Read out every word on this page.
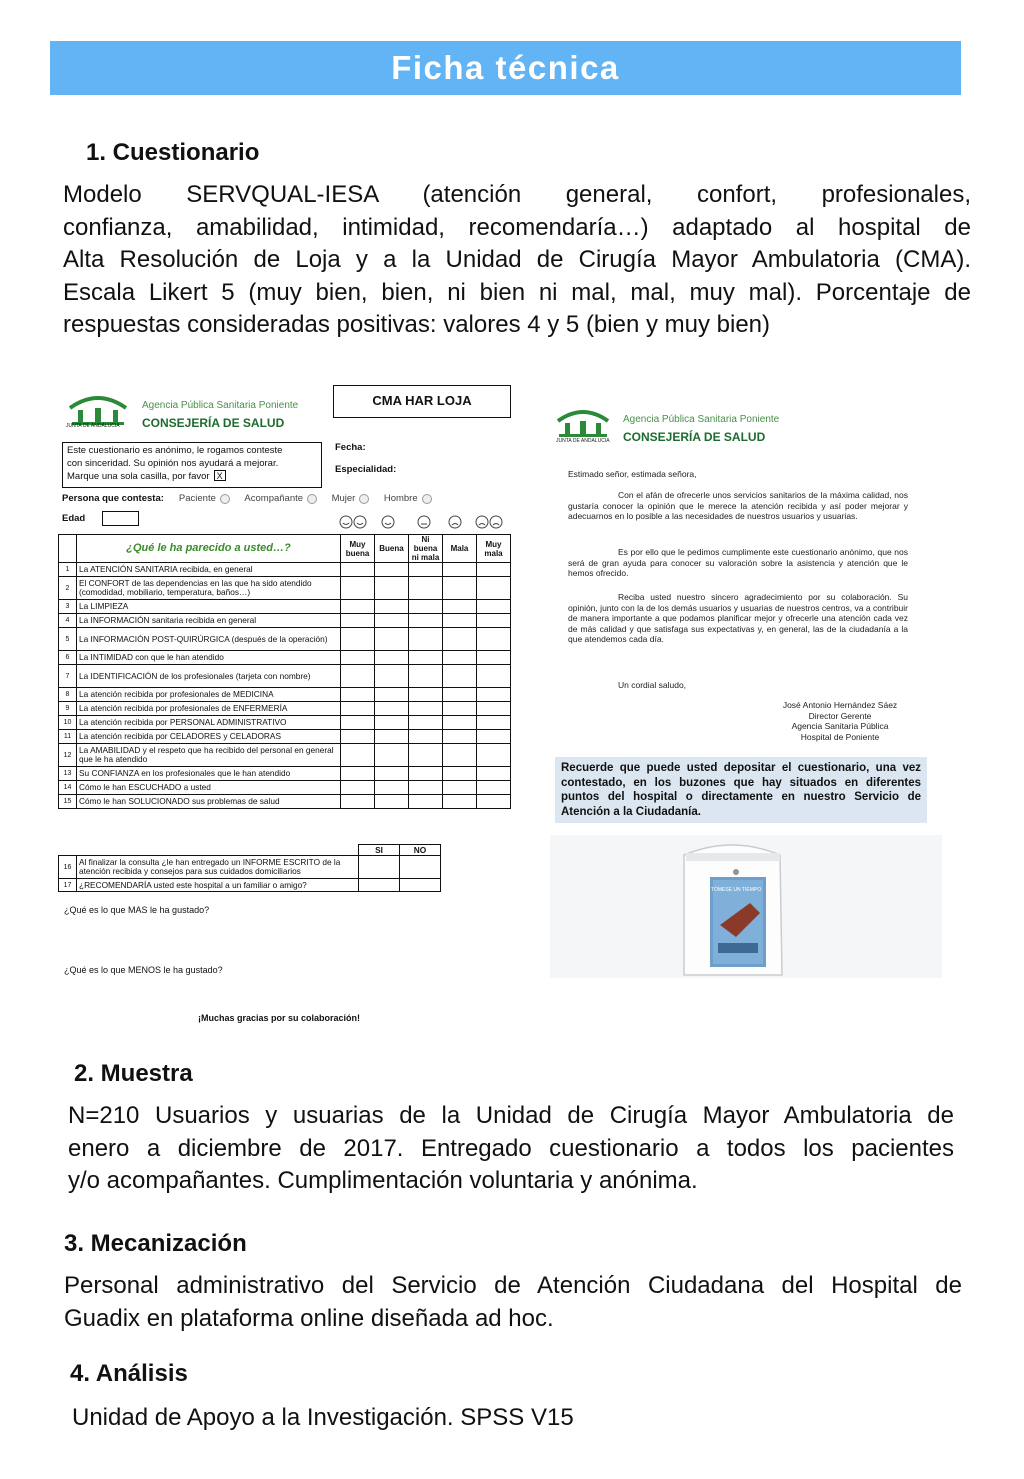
Ficha técnica
1. Cuestionario
Modelo SERVQUAL-IESA (atención general, confort, profesionales,
confianza, amabilidad, intimidad, recomendaría…) adaptado al hospital de
Alta Resolución de Loja y a la Unidad de Cirugía Mayor Ambulatoria (CMA).
Escala Likert 5 (muy bien, bien, ni bien ni mal, mal, muy mal). Porcentaje de
respuestas consideradas positivas: valores 4 y 5 (bien y muy bien)
JUNTA DE ANDALUCIA
Agencia Pública Sanitaria Poniente
CONSEJERÍA DE SALUD
CMA HAR LOJA
Fecha:
Especialidad:
Este cuestionario es anónimo, le rogamos conteste
con sinceridad. Su opinión nos ayudará a mejorar.
Marque una sola casilla, por favor X
Persona que contesta: Paciente	Acompañante	Mujer	Hombre
Edad
	¿Qué le ha parecido a usted…?	Muy buena	Buena	Ni buena ni mala	Mala	Muy mala
1	La ATENCIÓN SANITARIA recibida, en general					
2	El CONFORT de las dependencias en las que ha sido atendido (comodidad, mobiliario, temperatura, baños…)					
3	La LIMPIEZA					
4	La INFORMACIÓN sanitaria recibida en general					
5	La INFORMACIÓN POST-QUIRÚRGICA (después de la operación)					
6	La INTIMIDAD con que le han atendido					
7	La IDENTIFICACIÓN de los profesionales (tarjeta con nombre)					
8	La atención recibida por profesionales de MEDICINA					
9	La atención recibida por profesionales de ENFERMERÍA					
10	La atención recibida por PERSONAL ADMINISTRATIVO					
11	La atención recibida por CELADORES y CELADORAS					
12	La AMABILIDAD y el respeto que ha recibido del personal en general que le ha atendido					
13	Su CONFIANZA en los profesionales que le han atendido					
14	Cómo le han ESCUCHADO a usted					
15	Cómo le han SOLUCIONADO sus problemas de salud					
		SI	NO
16	Al finalizar la consulta ¿le han entregado un INFORME ESCRITO de la atención recibida y consejos para sus cuidados domiciliarios		
17	¿RECOMENDARÍA usted este hospital a un familiar o amigo?		
¿Qué es lo que MAS le ha gustado?
¿Qué es lo que MENOS le ha gustado?
¡Muchas gracias por su colaboración!
JUNTA DE ANDALUCIA
Agencia Pública Sanitaria Poniente
CONSEJERÍA DE SALUD
Estimado señor, estimada señora,
Con el afán de ofrecerle unos servicios sanitarios de la máxima calidad, nos gustaría conocer la opinión que le merece la atención recibida y así poder mejorar y adecuarnos en lo posible a las necesidades de nuestros usuarios y usuarias.
Es por ello que le pedimos cumplimente este cuestionario anónimo, que nos será de gran ayuda para conocer su valoración sobre la asistencia y atención que le hemos ofrecido.
Reciba usted nuestro sincero agradecimiento por su colaboración. Su opinión, junto con la de los demás usuarios y usuarias de nuestros centros, va a contribuir de manera importante a que podamos planificar mejor y ofrecerle una atención cada vez de más calidad y que satisfaga sus expectativas y, en general, las de la ciudadanía a la que atendemos cada día.
Un cordial saludo,
José Antonio Hernández Sáez
Director Gerente
Agencia Sanitaria Pública
Hospital de Poniente
Recuerde que puede usted depositar el cuestionario, una vez
contestado, en los buzones que hay situados en diferentes
puntos del hospital o directamente en nuestro Servicio de
Atención a la Ciudadanía.
TÓMESE UN TIEMPO
2. Muestra
N=210 Usuarios y usuarias de la Unidad de Cirugía Mayor Ambulatoria de
enero a diciembre de 2017. Entregado cuestionario a todos los pacientes
y/o acompañantes. Cumplimentación voluntaria y anónima.
3. Mecanización
Personal administrativo del Servicio de Atención Ciudadana del Hospital de
Guadix en plataforma online diseñada ad hoc.
4. Análisis
Unidad de Apoyo a la Investigación. SPSS V15
